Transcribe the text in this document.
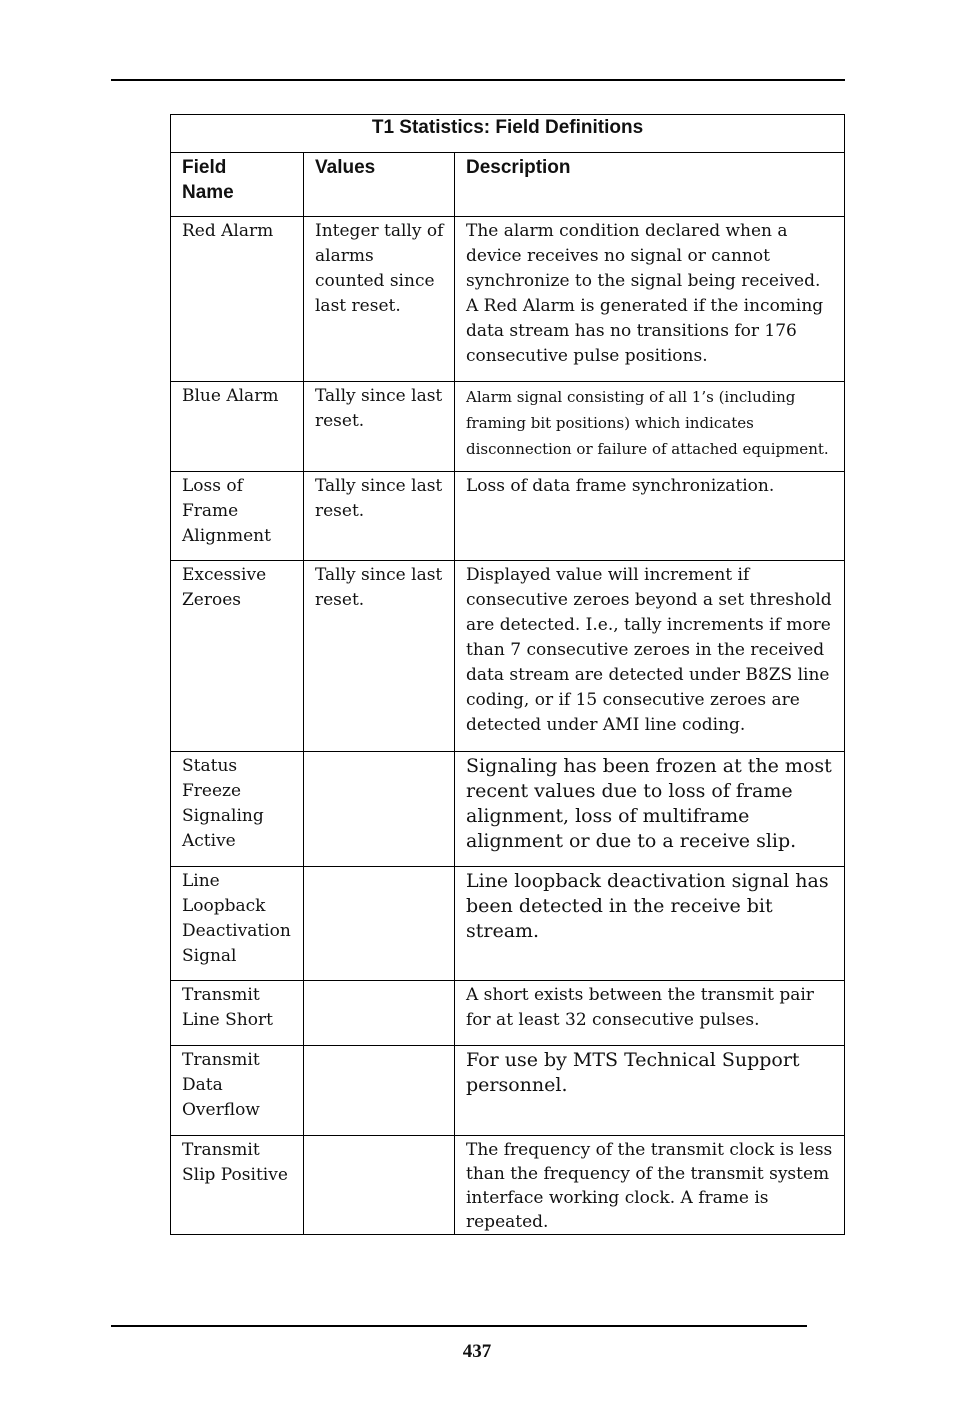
T1 Statistics: Field Definitions		
Field Name	Values	Description
Red Alarm	Integer tally of alarms counted since last reset.	The alarm condition declared when a device receives no signal or cannot synchronize to the signal being received. A Red Alarm is generated if the incoming data stream has no transitions for 176 consecutive pulse positions.
Blue Alarm	Tally since last reset.	Alarm signal consisting of all 1’s (including framing bit positions) which indicates disconnection or failure of attached equipment.
Loss of Frame Alignment	Tally since last reset.	Loss of data frame synchronization.
Excessive Zeroes	Tally since last reset.	Displayed value will increment if consecutive zeroes beyond a set threshold are detected. I.e., tally increments if more than 7 consecutive zeroes in the received data stream are detected under B8ZS line coding, or if 15 consecutive zeroes are detected under AMI line coding.
Status Freeze Signaling Active		Signaling has been frozen at the most recent values due to loss of frame alignment, loss of multiframe alignment or due to a receive slip.
Line Loopback Deactivation Signal		Line loopback deactivation signal has been detected in the receive bit stream.
Transmit Line Short		A short exists between the transmit pair for at least 32 consecutive pulses.
Transmit Data Overflow		For use by MTS Technical Support personnel.
Transmit Slip Positive		The frequency of the transmit clock is less than the frequency of the transmit system interface working clock. A frame is repeated.
437
